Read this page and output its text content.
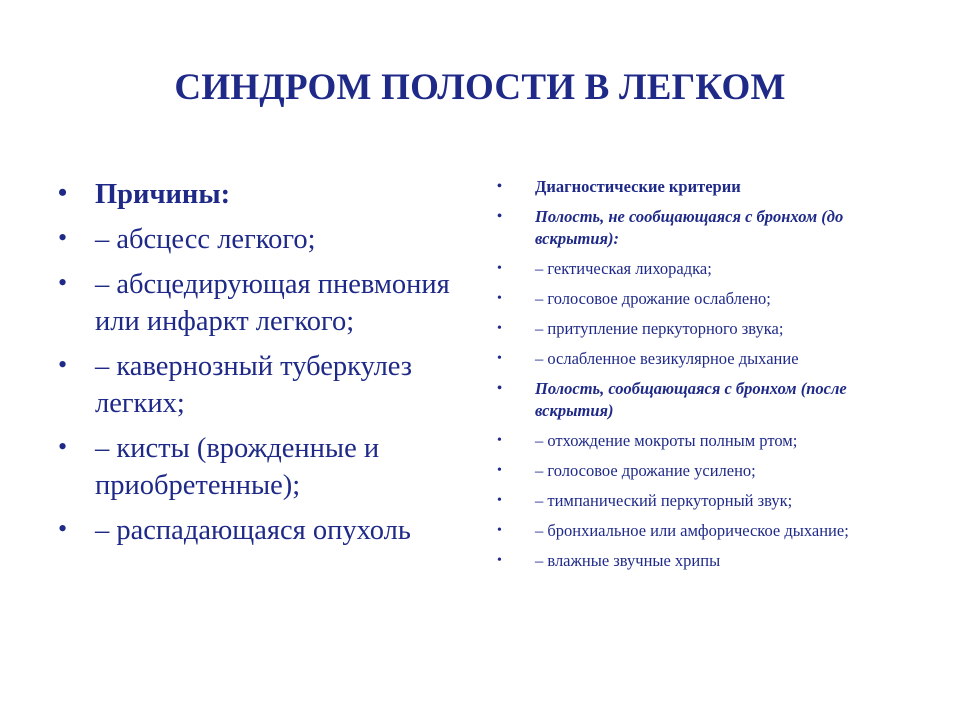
СИНДРОМ ПОЛОСТИ В ЛЕГКОМ
• Причины:
• – абсцесс легкого;
• – абсцедирующая пневмония или инфаркт легкого;
• – кавернозный туберкулез легких;
• – кисты (врожденные и приобретенные);
• – распадающаяся опухоль
• Диагностические критерии
• Полость, не сообщающаяся с бронхом (до вскрытия):
• – гектическая лихорадка;
• – голосовое дрожание ослаблено;
• – притупление перкуторного звука;
• – ослабленное везикулярное дыхание
• Полость, сообщающаяся с бронхом (после вскрытия)
• – отхождение мокроты полным ртом;
• – голосовое дрожание усилено;
• – тимпанический перкуторный звук;
• – бронхиальное или амфорическое дыхание;
• – влажные звучные хрипы
